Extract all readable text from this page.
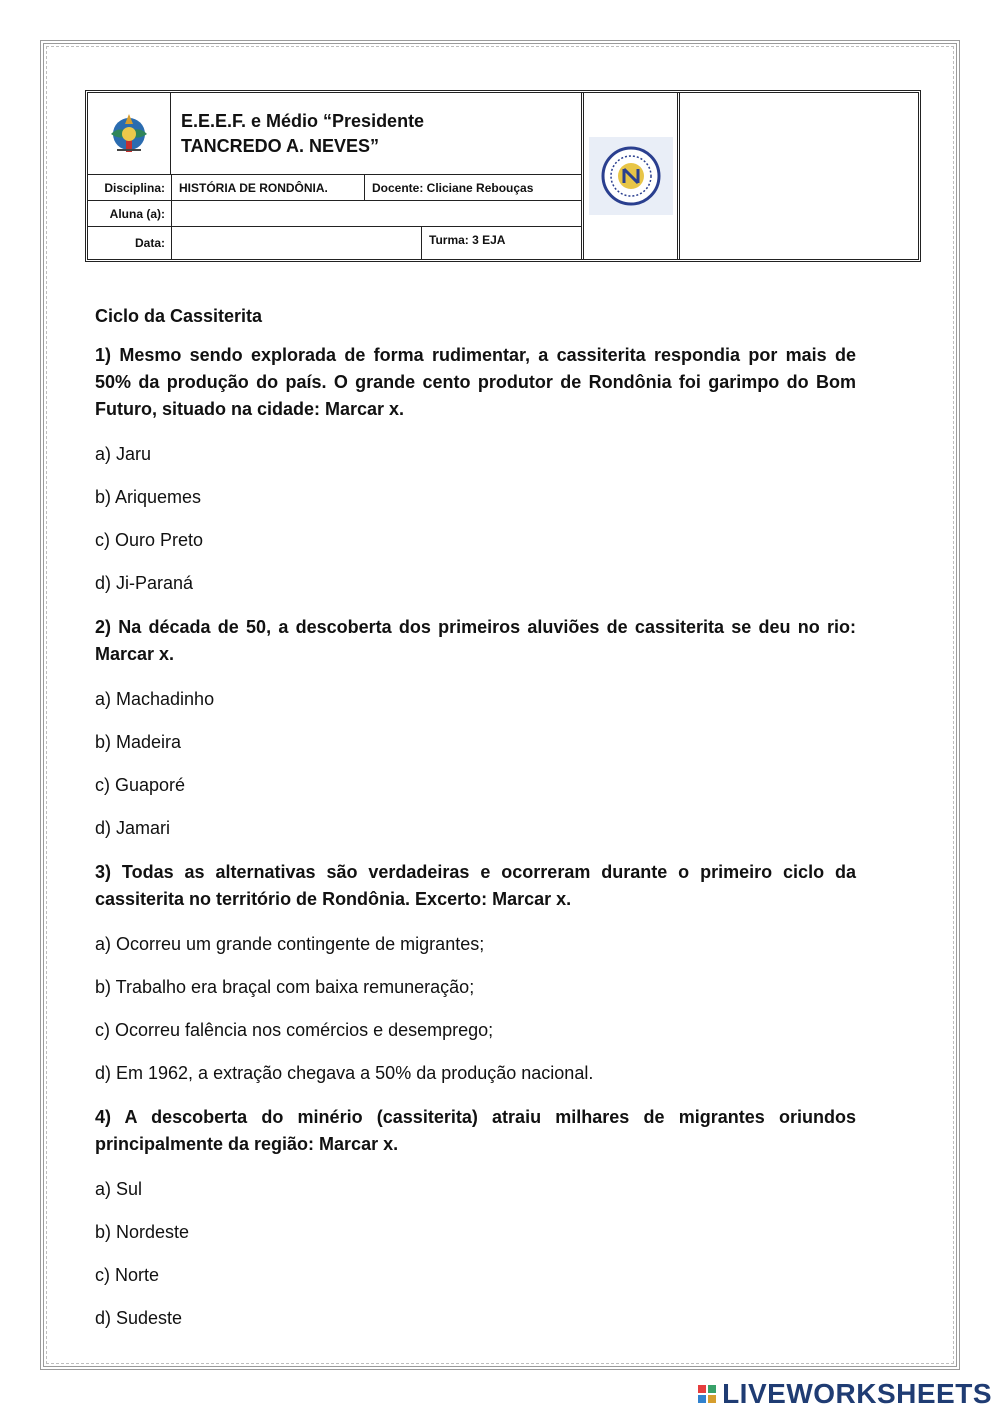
E.E.E.F. e Médio “Presidente
TANCREDO A. NEVES”
Disciplina:	HISTÓRIA DE RONDÔNIA.	Docente: Cliciane Rebouças
Aluna (a):
Data:	Turma: 3 EJA

Ciclo da Cassiterita

1) Mesmo sendo explorada de forma rudimentar, a cassiterita respondia por mais de 50% da produção do país. O grande cento produtor de Rondônia foi garimpo do Bom Futuro, situado na cidade: Marcar x.

a) Jaru

b) Ariquemes

c) Ouro Preto

d) Ji-Paraná

2) Na década de 50, a descoberta dos primeiros aluviões de cassiterita se deu no rio: Marcar x.

a) Machadinho

b) Madeira

c) Guaporé

d) Jamari

3) Todas as alternativas são verdadeiras e ocorreram durante o primeiro ciclo da cassiterita no território de Rondônia. Excerto: Marcar x.

a) Ocorreu um grande contingente de migrantes;

b) Trabalho era braçal com baixa remuneração;

c) Ocorreu falência nos comércios e desemprego;

d) Em 1962, a extração chegava a 50% da produção nacional.

4) A descoberta do minério (cassiterita) atraiu milhares de migrantes oriundos principalmente da região: Marcar x.

a) Sul

b) Nordeste

c) Norte

d) Sudeste

LIVEWORKSHEETS
